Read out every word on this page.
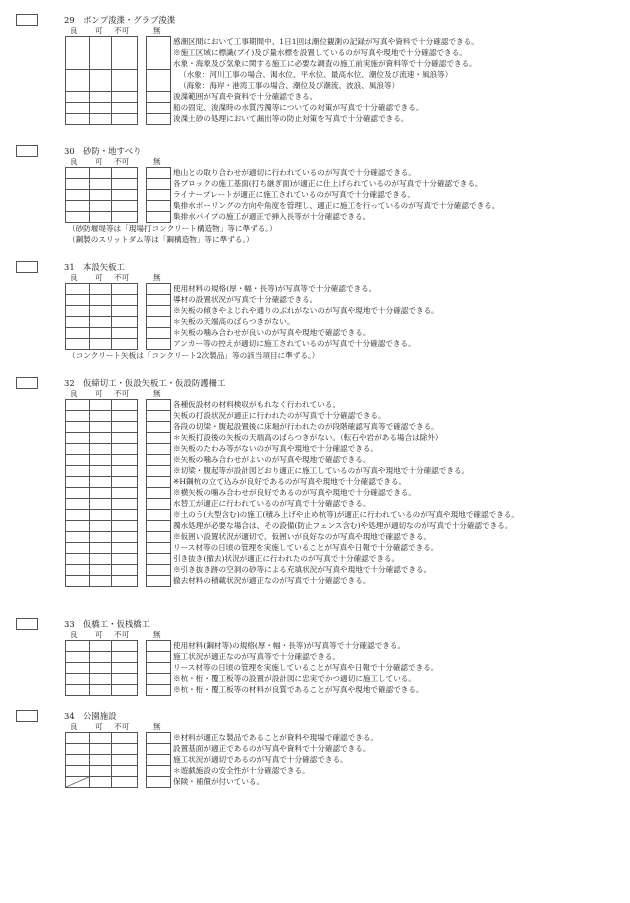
29　ポンプ浚渫・グラブ浚渫
良 可 不可	無
感潮区間において工事期間中、1日1回は潮位観測の記録が写真や資料で十分確認できる。
※施工区域に標識(ブイ)及び量水標を設置しているのが写真や現地で十分確認できる。
水象・海象及び気象に関する施工に必要な調査の施工前実施が資料等で十分確認できる。
（水象：河川工事の場合、渇水位、平水位、最高水位、潮位及び流速・風浪等）
（海象：海岸・港湾工事の場合、潮位及び潮流、波浪、風浪等）
浚渫範囲が写真や資料で十分確認できる。
船の固定、浚渫時の水質汚濁等についての対策が写真で十分確認できる。
浚渫土砂の処理において漏出等の防止対策を写真で十分確認できる。
30　砂防・地すべり
良 可 不可	無
地山との取り合わせが適切に行われているのが写真で十分確認できる。
各ブロックの施工基面(打ち継ぎ面)が適正に仕上げられているのが写真で十分確認できる。
ライナープレートが適正に施工されているのが写真で十分確認できる。
集排水ボーリングの方向や角度を管理し、適正に施工を行っているのが写真で十分確認できる。
集排水パイプの施工が適正で挿入長等が十分確認できる。
（砂防堰堤等は「現場打コンクリート構造物」等に準ずる。）
（鋼製のスリットダム等は「鋼構造物」等に準ずる。）
31　本設矢板工
良 可 不可	無
使用材料の規格(厚・幅・長等)が写真等で十分確認できる。
導材の設置状況が写真で十分確認できる。
※矢板の傾きやよじれや通りのぶれがないのが写真や現地で十分確認できる。
＊矢板の天端高のばらつきがない。
＊矢板の噛み合わせが良いのが写真や現地で確認できる。
アンカー等の控えが適切に施工されているのが写真で十分確認できる。
（コンクリート矢板は「コンクリート2次製品」等の該当項目に準ずる。）
32　仮締切工・仮設矢板工・仮設防護柵工
良 可 不可	無
各種仮設材の材料検収がもれなく行われている。
矢板の打設状況が適正に行われたのが写真で十分確認できる。
各段の切梁・腹起設置後に床堀が行われたのが段階確認写真等で確認できる。
＊矢板打設後の矢板の天端高のばらつきがない。（転石や岩がある場合は除外）
※矢板のたわみ等がないのが写真や現地で十分確認できる。
※矢板の噛み合わせがよいのが写真や現地で確認できる。
※切梁・腹起等が設計図どおり適正に施工しているのが写真や現地で十分確認できる。
※H鋼杭の立て込みが良好であるのが写真や現地で十分確認できる。
※横矢板の噛み合わせが良好であるのが写真や現地で十分確認できる。
水替工が適正に行われているのが写真で十分確認できる。
※土のう(大型含む)の施工(積み上げや止め杭等)が適正に行われているのが写真や現地で確認できる。
濁水処理が必要な場合は、その設備(防止フェンス含む)や処理が適切なのが写真で十分確認できる。
※仮囲い設置状況が適切で、仮囲いが良好なのが写真や現地で確認できる。
リース材等の日頃の管理を実施していることが写真や日報で十分確認できる。
引き抜き(撤去)状況が適正に行われたのが写真で十分確認できる。
※引き抜き跡の空洞の砂等による充填状況が写真や現地で十分確認できる。
撤去材料の積載状況が適正なのが写真で十分確認できる。
33　仮橋工・仮桟橋工
良 可 不可	無
使用材料(鋼材等)の規格(厚・幅・長等)が写真等で十分確認できる。
施工状況が適正なのが写真等で十分確認できる。
リース材等の日頃の管理を実施していることが写真や日報で十分確認できる。
※杭・桁・覆工板等の設置が設計図に忠実でかつ適切に施工している。
※杭・桁・覆工板等の材料が良質であることが写真や現地で確認できる。
34　公園施設
良 可 不可	無
※材料が適正な製品であることが資料や現場で確認できる。
設置基面が適正であるのが写真や資料で十分確認できる。
施工状況が適切であるのが写真で十分確認できる。
＊遊戯施設の安全性が十分確認できる。
保険・補償が付いている。
